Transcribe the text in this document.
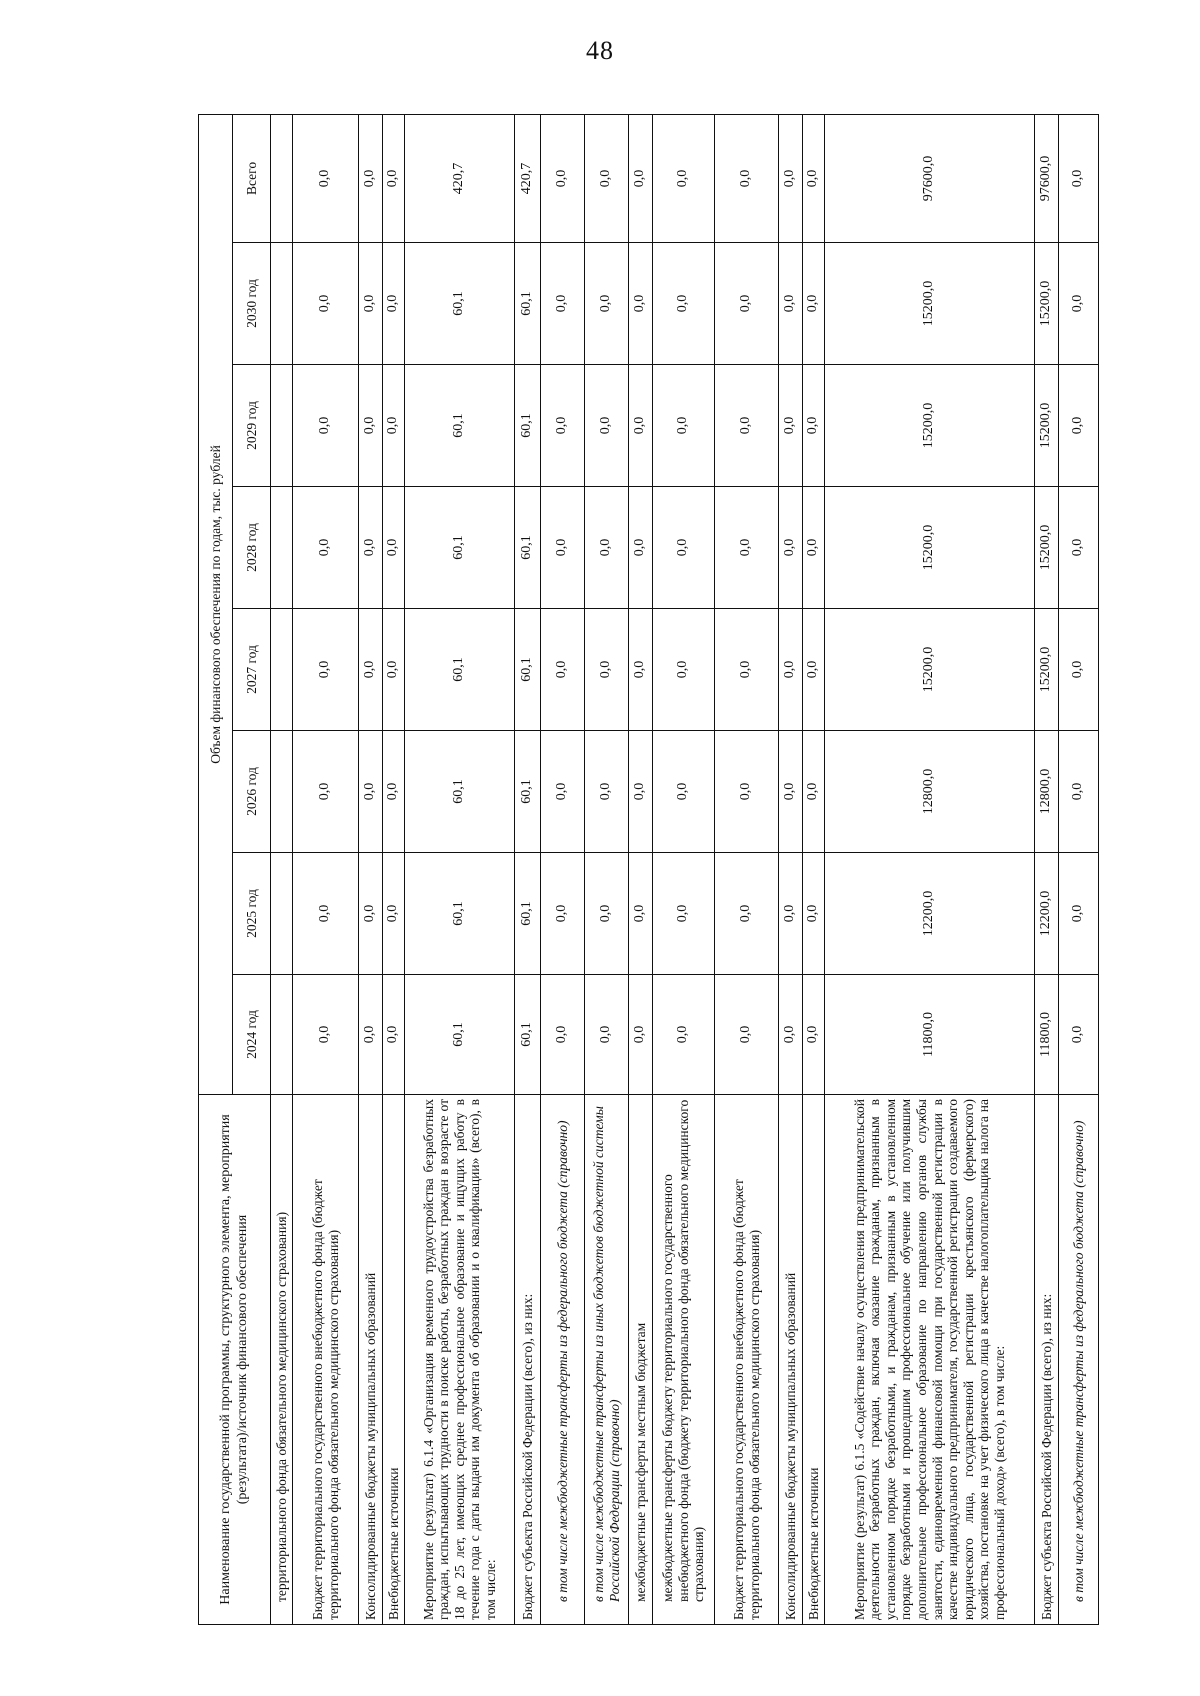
48
Наименование государственной программы, структурного элемента, мероприятия (результата)/источник финансового обеспечения	Объем финансового обеспечения по годам, тыс. рублей							
	2024 год	2025 год	2026 год	2027 год	2028 год	2029 год	2030 год	Всего
территориального фонда обязательного медицинского страхования)								
Бюджет территориального государственного внебюджетного фонда (бюджет территориального фонда обязательного медицинского страхования)	0,0	0,0	0,0	0,0	0,0	0,0	0,0	0,0
Консолидированные бюджеты муниципальных образований	0,0	0,0	0,0	0,0	0,0	0,0	0,0	0,0
Внебюджетные источники	0,0	0,0	0,0	0,0	0,0	0,0	0,0	0,0
Мероприятие (результат) 6.1.4 «Организация временного трудоустройства безработных граждан, испытывающих трудности в поиске работы, безработных граждан в возрасте от 18 до 25 лет, имеющих среднее профессиональное образование и ищущих работу в течение года с даты выдачи им документа об образовании и о квалификации» (всего), в том числе:	60,1	60,1	60,1	60,1	60,1	60,1	60,1	420,7
Бюджет субъекта Российской Федерации (всего), из них:	60,1	60,1	60,1	60,1	60,1	60,1	60,1	420,7
в том числе межбюджетные трансферты из федерального бюджета (справочно)	0,0	0,0	0,0	0,0	0,0	0,0	0,0	0,0
в том числе межбюджетные трансферты из иных бюджетов бюджетной системы Российской Федерации (справочно)	0,0	0,0	0,0	0,0	0,0	0,0	0,0	0,0
межбюджетные трансферты местным бюджетам	0,0	0,0	0,0	0,0	0,0	0,0	0,0	0,0
межбюджетные трансферты бюджету территориального государственного внебюджетного фонда (бюджету территориального фонда обязательного медицинского страхования)	0,0	0,0	0,0	0,0	0,0	0,0	0,0	0,0
Бюджет территориального государственного внебюджетного фонда (бюджет территориального фонда обязательного медицинского страхования)	0,0	0,0	0,0	0,0	0,0	0,0	0,0	0,0
Консолидированные бюджеты муниципальных образований	0,0	0,0	0,0	0,0	0,0	0,0	0,0	0,0
Внебюджетные источники	0,0	0,0	0,0	0,0	0,0	0,0	0,0	0,0
Мероприятие (результат) 6.1.5 «Содействие началу осуществления предпринимательской деятельности безработных граждан, включая оказание гражданам, признанным в установленном порядке безработными, и гражданам, признанным в установленном порядке безработными и прошедшим профессиональное обучение или получившим дополнительное профессиональное образование по направлению органов службы занятости, единовременной финансовой помощи при государственной регистрации в качестве индивидуального предпринимателя, государственной регистрации создаваемого юридического лица, государственной регистрации крестьянского (фермерского) хозяйства, постановке на учет физического лица в качестве налогоплательщика налога на профессиональный доход» (всего), в том числе:	11800,0	12200,0	12800,0	15200,0	15200,0	15200,0	15200,0	97600,0
Бюджет субъекта Российской Федерации (всего), из них:	11800,0	12200,0	12800,0	15200,0	15200,0	15200,0	15200,0	97600,0
в том числе межбюджетные трансферты из федерального бюджета (справочно)	0,0	0,0	0,0	0,0	0,0	0,0	0,0	0,0
